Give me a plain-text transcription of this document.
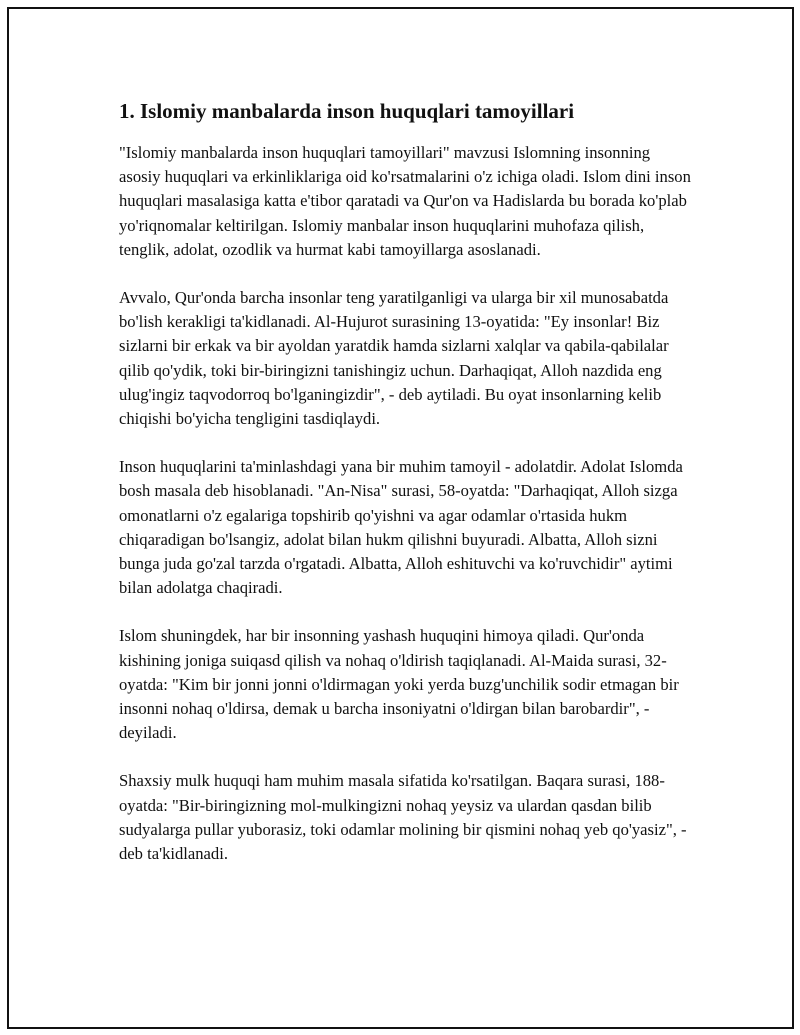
1. Islomiy manbalarda inson huquqlari tamoyillari

"Islomiy manbalarda inson huquqlari tamoyillari" mavzusi Islomning insonning asosiy huquqlari va erkinliklariga oid ko'rsatmalarini o'z ichiga oladi. Islom dini inson huquqlari masalasiga katta e'tibor qaratadi va Qur'on va Hadislarda bu borada ko'plab yo'riqnomalar keltirilgan. Islomiy manbalar inson huquqlarini muhofaza qilish, tenglik, adolat, ozodlik va hurmat kabi tamoyillarga asoslanadi.

Avvalo, Qur'onda barcha insonlar teng yaratilganligi va ularga bir xil munosabatda bo'lish kerakligi ta'kidlanadi. Al-Hujurot surasining 13-oyatida: "Ey insonlar! Biz sizlarni bir erkak va bir ayoldan yaratdik hamda sizlarni xalqlar va qabila-qabilalar qilib qo'ydik, toki bir-biringizni tanishingiz uchun. Darhaqiqat, Alloh nazdida eng ulug'ingiz taqvodorroq bo'lganingizdir", - deb aytiladi. Bu oyat insonlarning kelib chiqishi bo'yicha tengligini tasdiqlaydi.

Inson huquqlarini ta'minlashdagi yana bir muhim tamoyil - adolatdir. Adolat Islomda bosh masala deb hisoblanadi. "An-Nisa" surasi, 58-oyatda: "Darhaqiqat, Alloh sizga omonatlarni o'z egalariga topshirib qo'yishni va agar odamlar o'rtasida hukm chiqaradigan bo'lsangiz, adolat bilan hukm qilishni buyuradi. Albatta, Alloh sizni bunga juda go'zal tarzda o'rgatadi. Albatta, Alloh eshituvchi va ko'ruvchidir" aytimi bilan adolatga chaqiradi.

Islom shuningdek, har bir insonning yashash huquqini himoya qiladi. Qur'onda kishining joniga suiqasd qilish va nohaq o'ldirish taqiqlanadi. Al-Maida surasi, 32-oyatda: "Kim bir jonni jonni o'ldirmagan yoki yerda buzg'unchilik sodir etmagan bir insonni nohaq o'ldirsa, demak u barcha insoniyatni o'ldirgan bilan barobardir", - deyiladi.

Shaxsiy mulk huquqi ham muhim masala sifatida ko'rsatilgan. Baqara surasi, 188-oyatda: "Bir-biringizning mol-mulkingizni nohaq yeysiz va ulardan qasdan bilib sudyalarga pullar yuborasiz, toki odamlar molining bir qismini nohaq yeb qo'yasiz", - deb ta'kidlanadi.
